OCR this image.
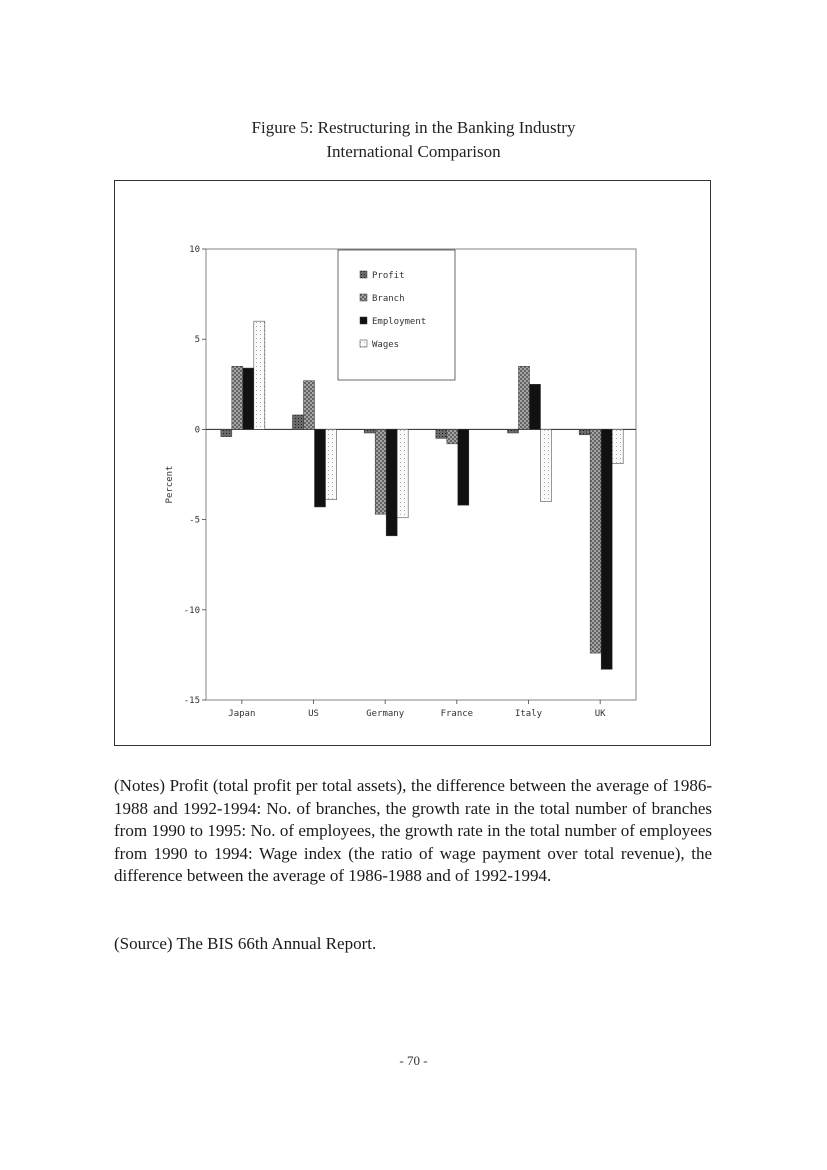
Figure 5: Restructuring in the Banking Industry
International Comparison
10
5
0
-5
-10
-15
Percent
Japan	US	Germany	France	Italy	UK
Profit
Branch
Employment
Wages
(Notes) Profit (total profit per total assets), the difference between the average of 1986-1988 and 1992-1994: No. of branches, the growth rate in the total number of branches from 1990 to 1995: No. of employees, the growth rate in the total number of employees from 1990 to 1994: Wage index (the ratio of wage payment over total revenue), the difference between the average of 1986-1988 and of 1992-1994.
(Source) The BIS 66th Annual Report.
- 70 -
